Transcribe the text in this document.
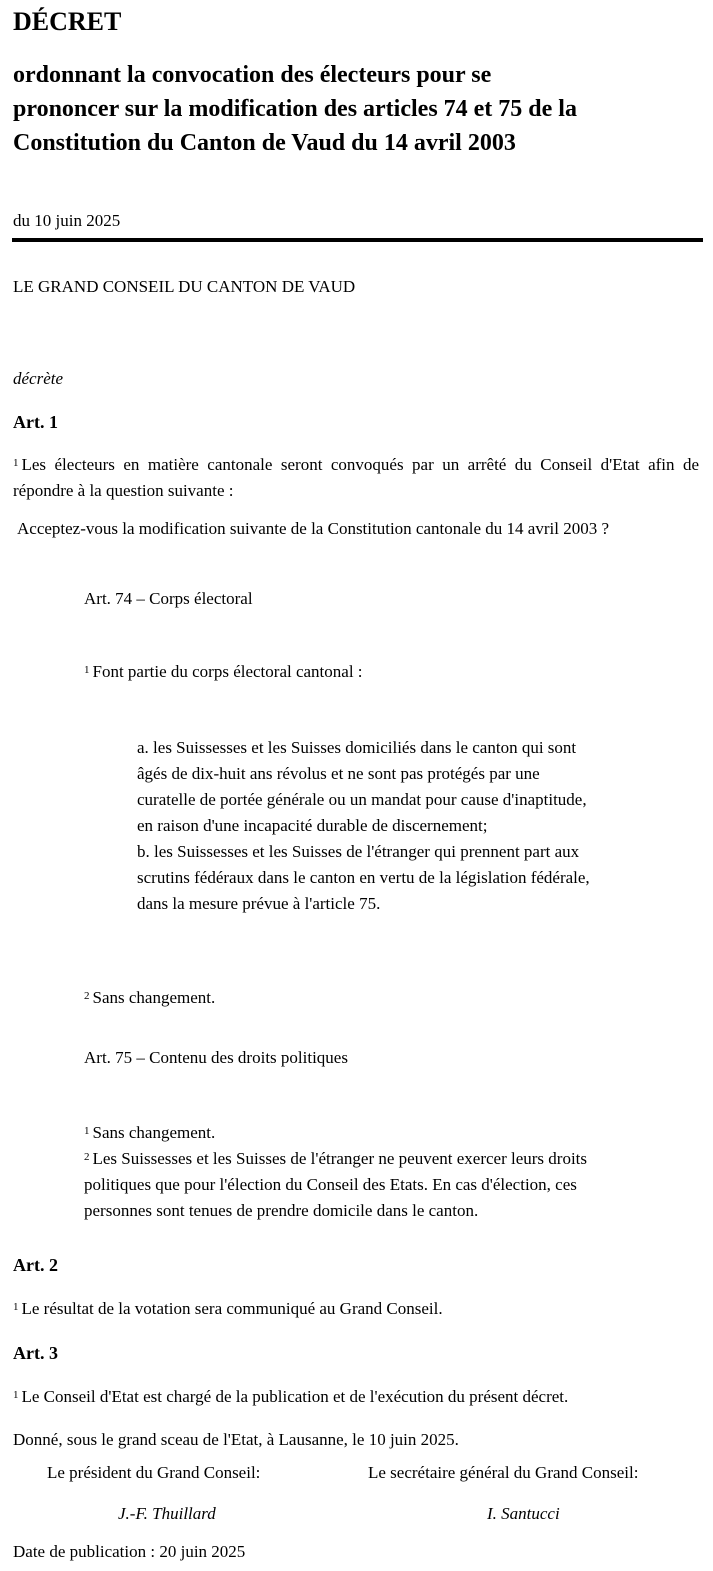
DÉCRET
ordonnant la convocation des électeurs pour se
prononcer sur la modification des articles 74 et 75 de la
Constitution du Canton de Vaud du 14 avril 2003
du 10 juin 2025
LE GRAND CONSEIL DU CANTON DE VAUD
décrète
Art. 1
$^1$ Les électeurs en matière cantonale seront convoqués par un arrêté du Conseil d'Etat afin de répondre à la question suivante :
Acceptez-vous la modification suivante de la Constitution cantonale du 14 avril 2003 ?
Art. 74 – Corps électoral
$^1$ Font partie du corps électoral cantonal :
a. les Suissesses et les Suisses domiciliés dans le canton qui sont
âgés de dix-huit ans révolus et ne sont pas protégés par une
curatelle de portée générale ou un mandat pour cause d'inaptitude,
en raison d'une incapacité durable de discernement;
b. les Suissesses et les Suisses de l'étranger qui prennent part aux
scrutins fédéraux dans le canton en vertu de la législation fédérale,
dans la mesure prévue à l'article 75.
$^2$ Sans changement.
Art. 75 – Contenu des droits politiques
$^1$ Sans changement.
$^2$ Les Suissesses et les Suisses de l'étranger ne peuvent exercer leurs droits
politiques que pour l'élection du Conseil des Etats. En cas d'élection, ces
personnes sont tenues de prendre domicile dans le canton.
Art. 2
$^1$ Le résultat de la votation sera communiqué au Grand Conseil.
Art. 3
$^1$ Le Conseil d'Etat est chargé de la publication et de l'exécution du présent décret.
Donné, sous le grand sceau de l'Etat, à Lausanne, le 10 juin 2025.
Le président du Grand Conseil:	Le secrétaire général du Grand Conseil:
J.-F. Thuillard	I. Santucci
Date de publication : 20 juin 2025
